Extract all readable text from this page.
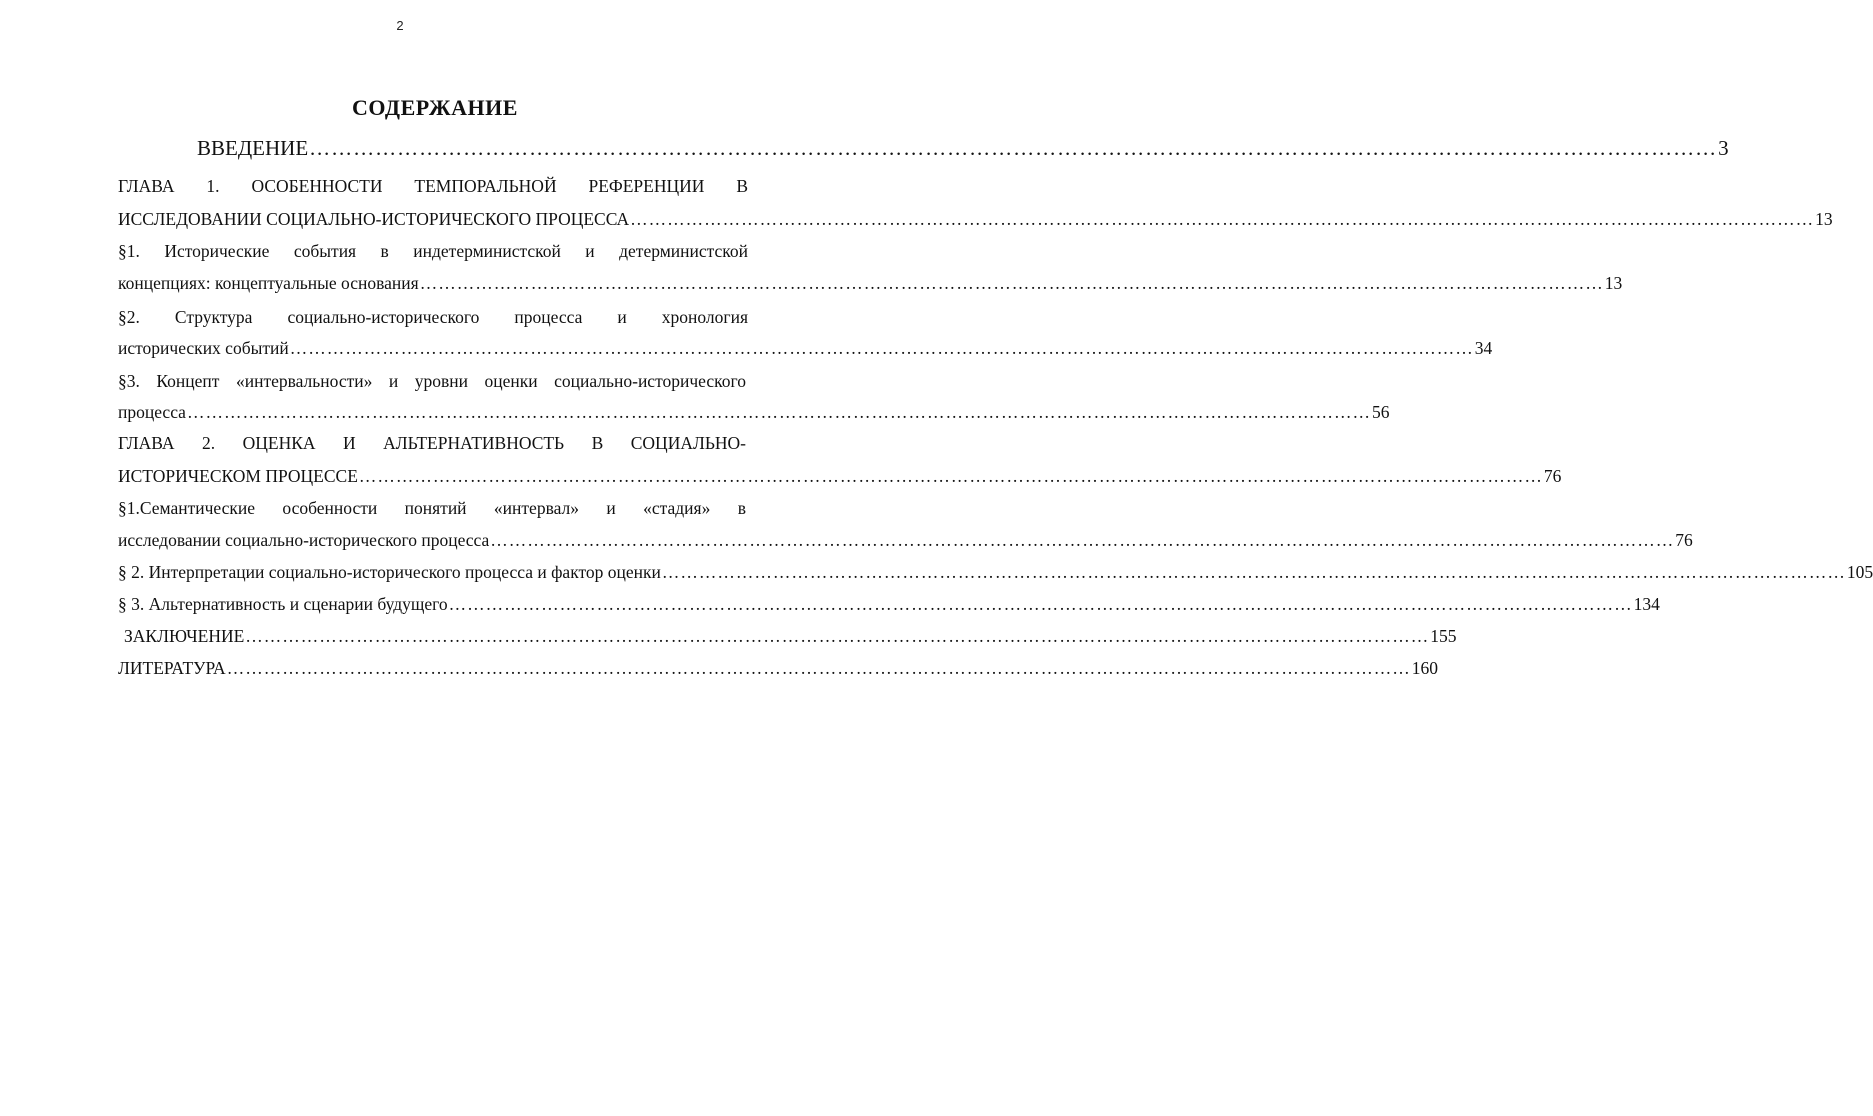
2
СОДЕРЖАНИЕ
ВВЕДЕНИЕ ………………………………………………………………………………………………………………………………………………………………………… 3
ГЛАВА 1. ОСОБЕННОСТИ ТЕМПОРАЛЬНОЙ РЕФЕРЕНЦИИ В
ИССЛЕДОВАНИИ СОЦИАЛЬНО-ИСТОРИЧЕСКОГО ПРОЦЕССА ………………………………………………………………………………………………………………………………………………………………………… 13
§1. Исторические события в индетерминистской и детерминистской
концепциях: концептуальные основания ………………………………………………………………………………………………………………………………………………………………………… 13
§2. Структура социально-исторического процесса и хронология
исторических событий ………………………………………………………………………………………………………………………………………………………………………… 34
§3. Концепт «интервальности» и уровни оценки социально-исторического
процесса ………………………………………………………………………………………………………………………………………………………………………… 56
ГЛАВА 2. ОЦЕНКА И АЛЬТЕРНАТИВНОСТЬ В СОЦИАЛЬНО-
ИСТОРИЧЕСКОМ ПРОЦЕССЕ ………………………………………………………………………………………………………………………………………………………………………… 76
§1.Семантические особенности понятий «интервал» и «стадия» в
исследовании социально-исторического процесса ………………………………………………………………………………………………………………………………………………………………………… 76
§ 2. Интерпретации социально-исторического процесса и фактор оценки ………………………………………………………………………………………………………………………………………………………………………… 105
§ 3. Альтернативность и сценарии будущего ………………………………………………………………………………………………………………………………………………………………………… 134
ЗАКЛЮЧЕНИЕ ………………………………………………………………………………………………………………………………………………………………………… 155
ЛИТЕРАТУРА ………………………………………………………………………………………………………………………………………………………………………… 160
